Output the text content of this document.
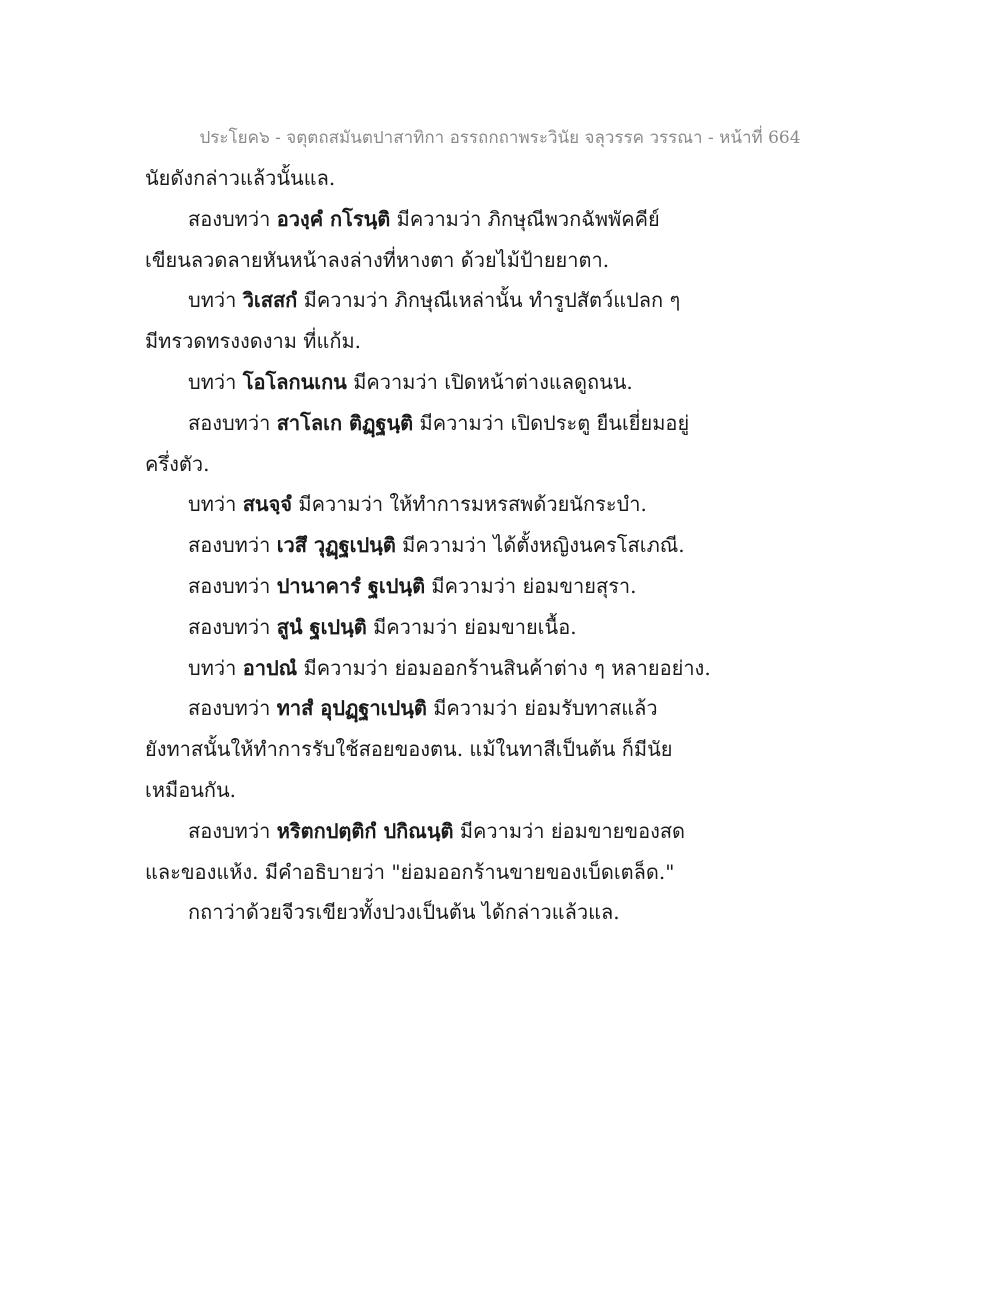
ประโยค๖ - จตุตถสมันตปาสาทิกา อรรถกถาพระวินัย จลุวรรค วรรณา - หน้าที่ 664
นัยดังกล่าวแล้วนั้นแล.
สองบทว่า อวงฺคํ กโรนฺติ มีความว่า ภิกษุณีพวกฉัพพัคคีย์
เขียนลวดลายหันหน้าลงล่างที่หางตา ด้วยไม้ป้ายยาตา.
บทว่า วิเสสกํ มีความว่า ภิกษุณีเหล่านั้น ทำรูปสัตว์แปลก ๆ
มีทรวดทรงงดงาม ที่แก้ม.
บทว่า โอโลกนเกน มีความว่า เปิดหน้าต่างแลดูถนน.
สองบทว่า สาโลเก ติฏฺฐนฺติ มีความว่า เปิดประตู ยืนเยี่ยมอยู่
ครึ่งตัว.
บทว่า สนจฺจํ มีความว่า ให้ทำการมหรสพด้วยนักระบำ.
สองบทว่า เวสึ วุฏฺฐเปนฺติ มีความว่า ได้ตั้งหญิงนครโสเภณี.
สองบทว่า ปานาคารํ ฐเปนฺติ มีความว่า ย่อมขายสุรา.
สองบทว่า สูนํ ฐเปนฺติ มีความว่า ย่อมขายเนื้อ.
บทว่า อาปณํ มีความว่า ย่อมออกร้านสินค้าต่าง ๆ หลายอย่าง.
สองบทว่า ทาสํ อุปฏฺฐาเปนฺติ มีความว่า ย่อมรับทาสแล้ว
ยังทาสนั้นให้ทำการรับใช้สอยของตน. แม้ในทาสีเป็นต้น ก็มีนัย
เหมือนกัน.
สองบทว่า หริตกปตฺติกํ ปกิณนฺติ มีความว่า ย่อมขายของสด
และของแห้ง. มีคำอธิบายว่า "ย่อมออกร้านขายของเบ็ดเตล็ด."
กถาว่าด้วยจีวรเขียวทั้งปวงเป็นต้น ได้กล่าวแล้วแล.
